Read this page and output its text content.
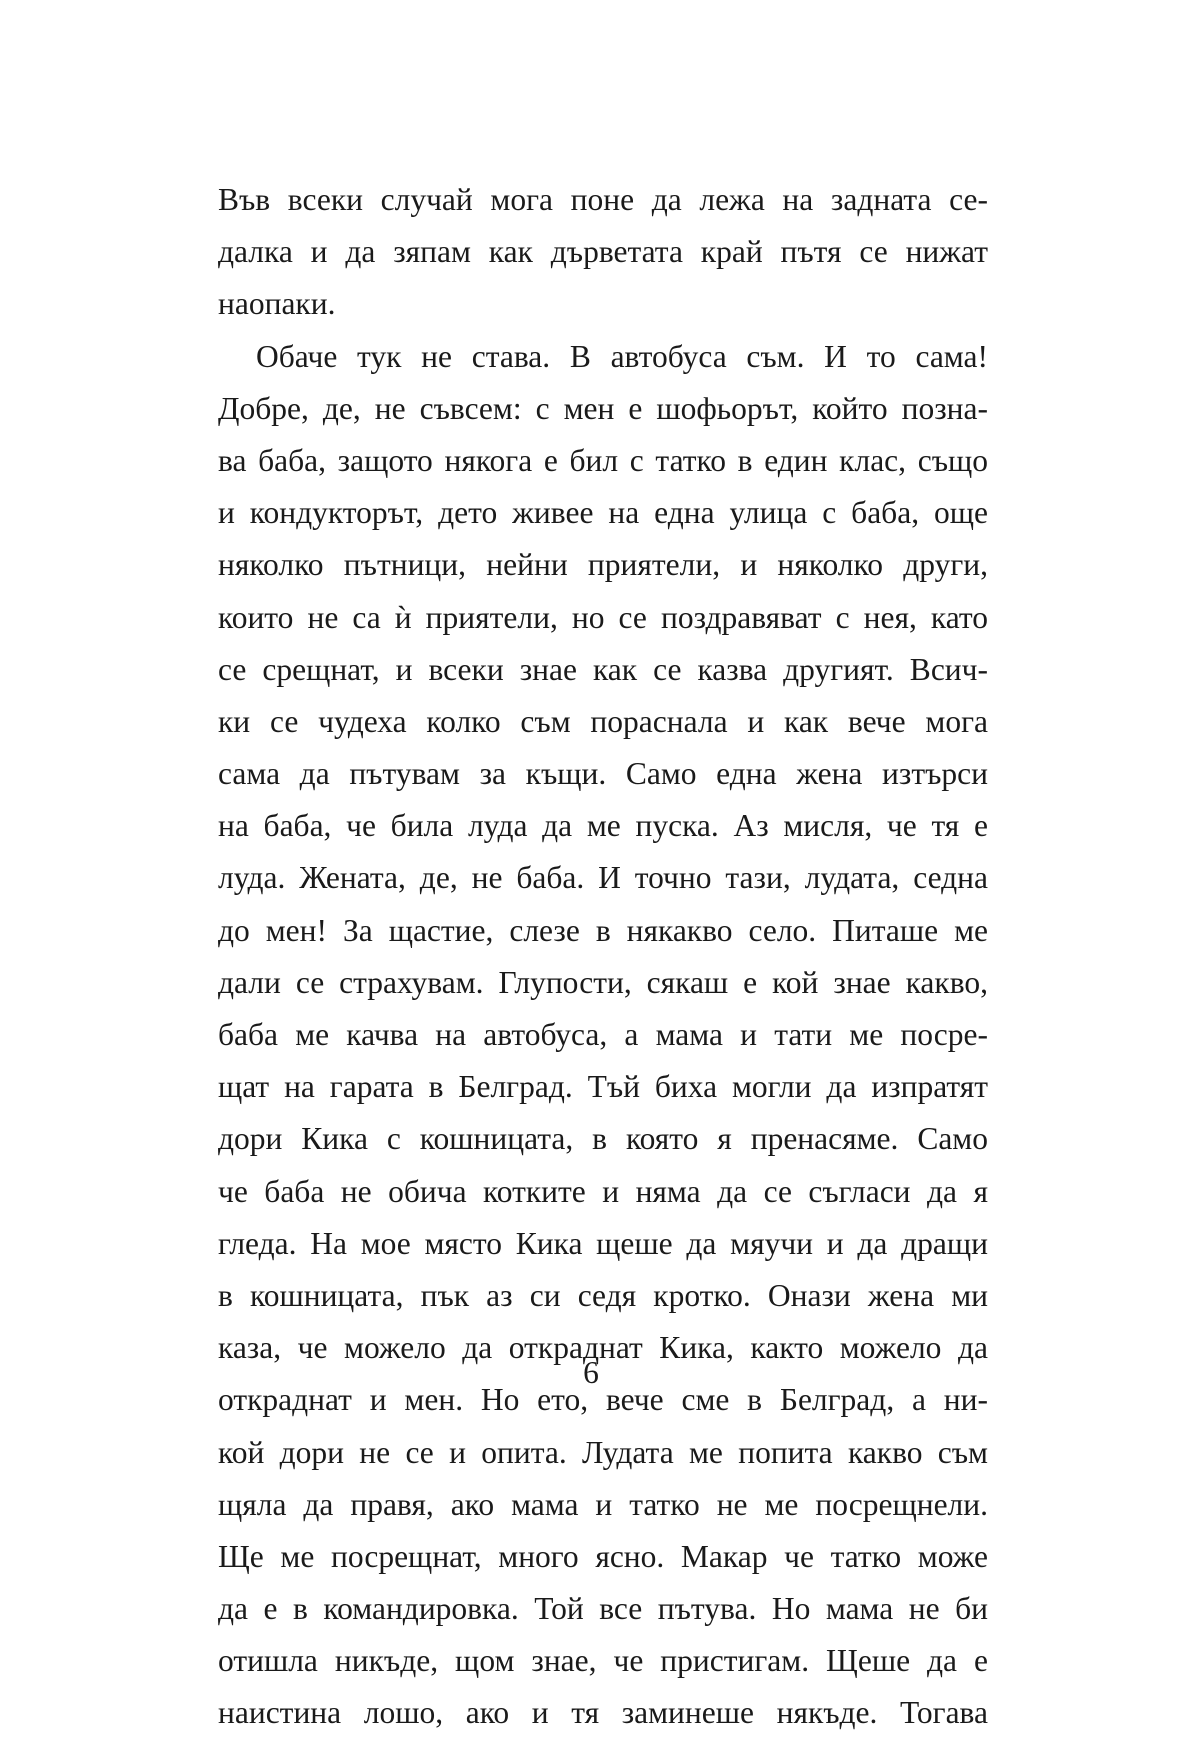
Във всеки случай мога поне да лежа на задната се-
далка и да зяпам как дърветата край пътя се нижат
наопаки.
Обаче тук не става. В автобуса съм. И то сама!
Добре, де, не съвсем: с мен е шофьорът, който позна-
ва баба, защото някога е бил с татко в един клас, също
и кондукторът, дето живее на една улица с баба, още
няколко пътници, нейни приятели, и няколко други,
които не са ѝ приятели, но се поздравяват с нея, като
се срещнат, и всеки знае как се казва другият. Всич-
ки се чудеха колко съм пораснала и как вече мога
сама да пътувам за къщи. Само една жена изтърси
на баба, че била луда да ме пуска. Аз мисля, че тя е
луда. Жената, де, не баба. И точно тази, лудата, седна
до мен! За щастие, слезе в някакво село. Питаше ме
дали се страхувам. Глупости, сякаш е кой знае какво,
баба ме качва на автобуса, а мама и тати ме посре-
щат на гарата в Белград. Тъй биха могли да изпратят
дори Кика с кошницата, в която я пренасяме. Само
че баба не обича котките и няма да се съгласи да я
гледа. На мое място Кика щеше да мяучи и да дращи
в кошницата, пък аз си седя кротко. Онази жена ми
каза, че можело да откраднат Кика, както можело да
откраднат и мен. Но ето, вече сме в Белград, а ни-
кой дори не се и опита. Лудата ме попита какво съм
щяла да правя, ако мама и татко не ме посрещнели.
Ще ме посрещнат, много ясно. Макар че татко може
да е в командировка. Той все пътува. Но мама не би
отишла никъде, щом знае, че пристигам. Щеше да е
наистина лошо, ако и тя заминеше някъде. Тогава
6
